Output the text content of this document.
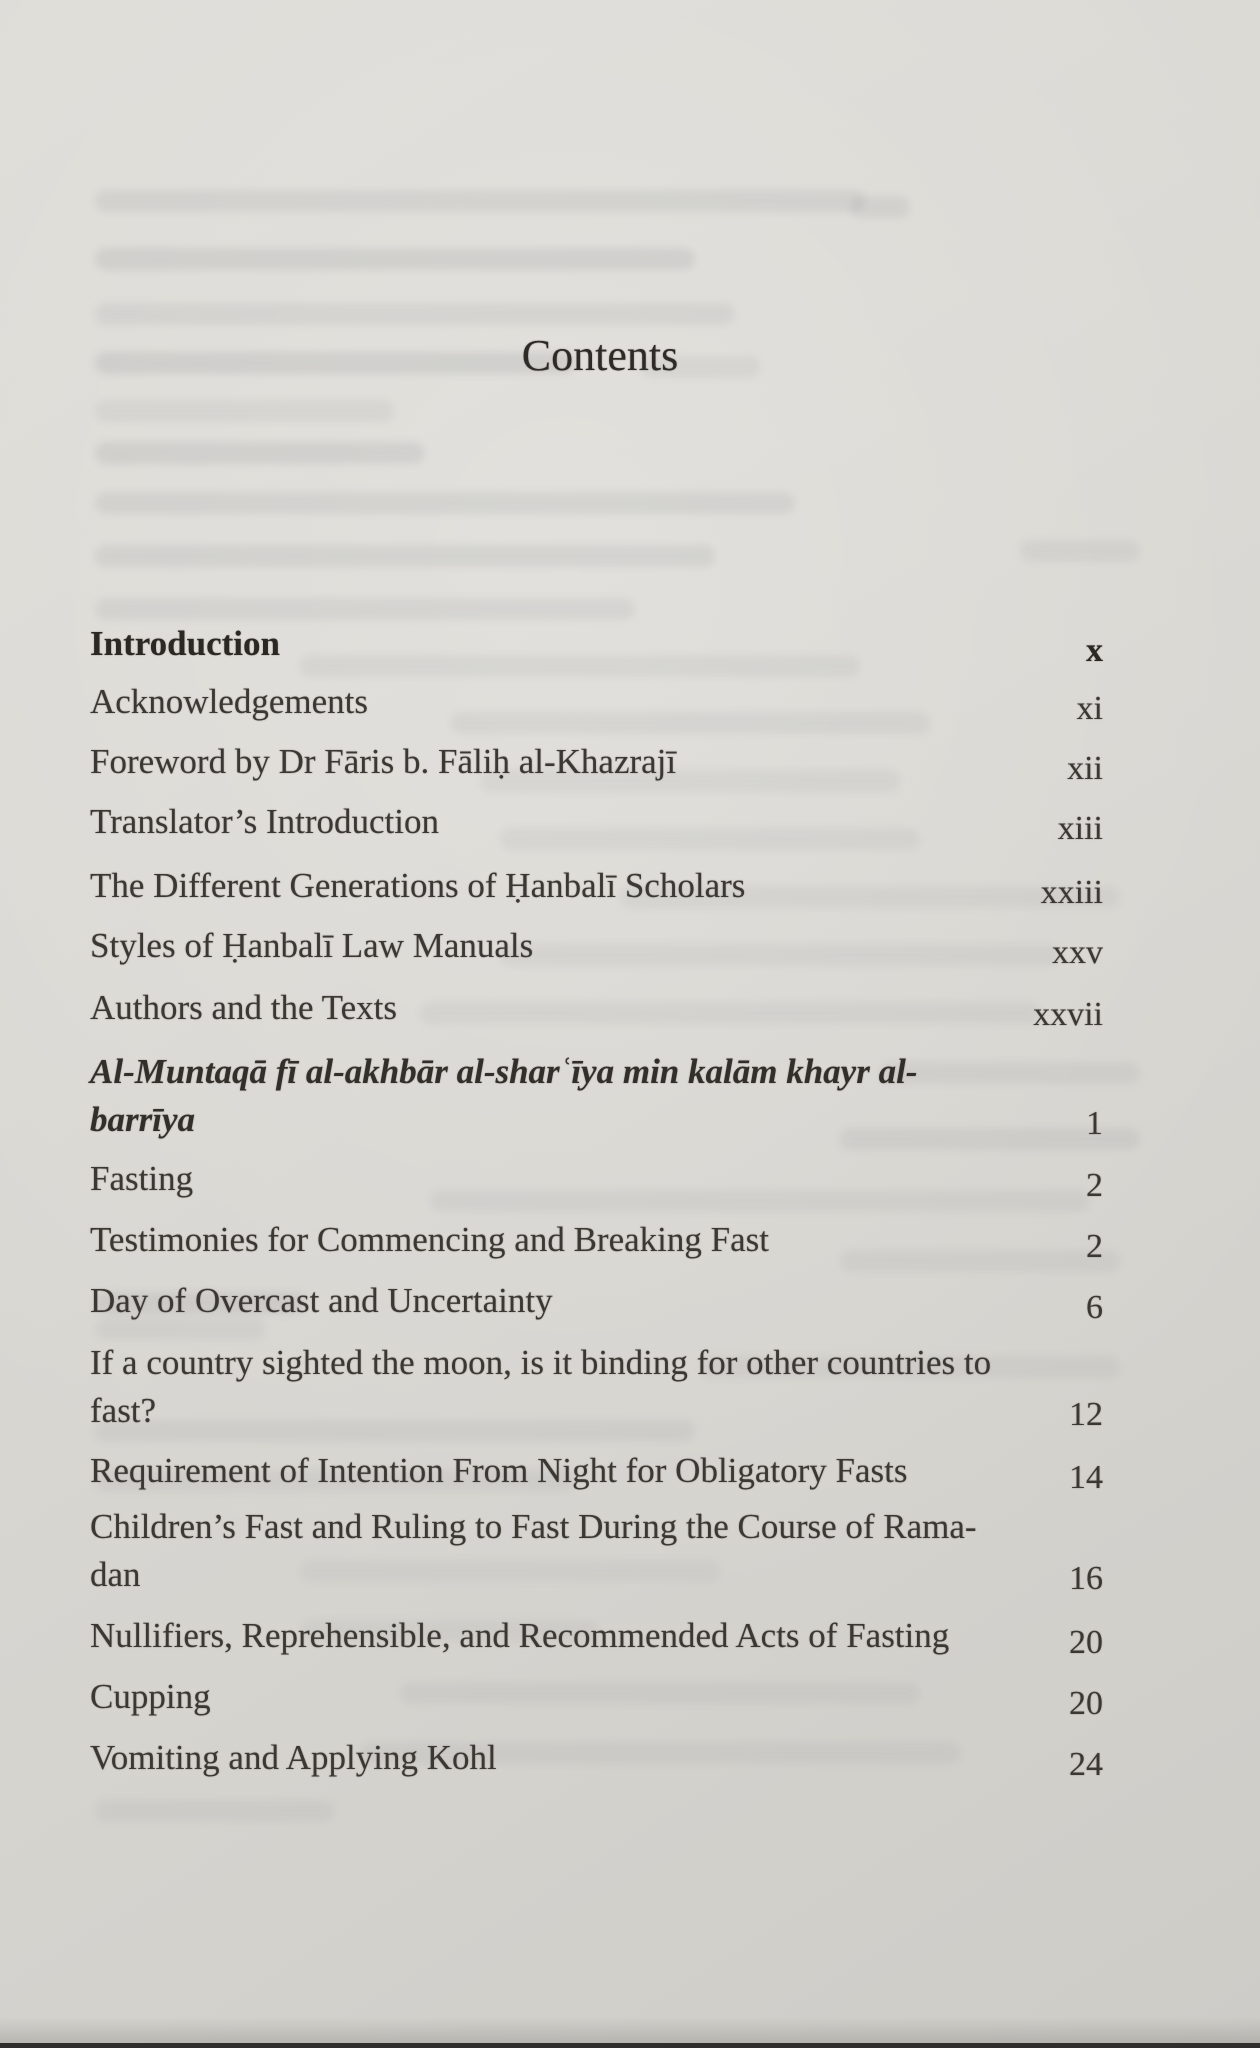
Contents
Introduction	x
Acknowledgements	xi
Foreword by Dr Fāris b. Fāliḥ al-Khazrajī	xii
Translator’s Introduction	xiii
The Different Generations of Ḥanbalī Scholars	xxiii
Styles of Ḥanbalī Law Manuals	xxv
Authors and the Texts	xxvii
Al-Muntaqā fī al-akhbār al-sharʿīya min kalām khayr al-
barrīya	1
Fasting	2
Testimonies for Commencing and Breaking Fast	2
Day of Overcast and Uncertainty	6
If a country sighted the moon, is it binding for other countries to
fast?	12
Requirement of Intention From Night for Obligatory Fasts	14
Children’s Fast and Ruling to Fast During the Course of Rama-
dan	16
Nullifiers, Reprehensible, and Recommended Acts of Fasting	20
Cupping	20
Vomiting and Applying Kohl	24
